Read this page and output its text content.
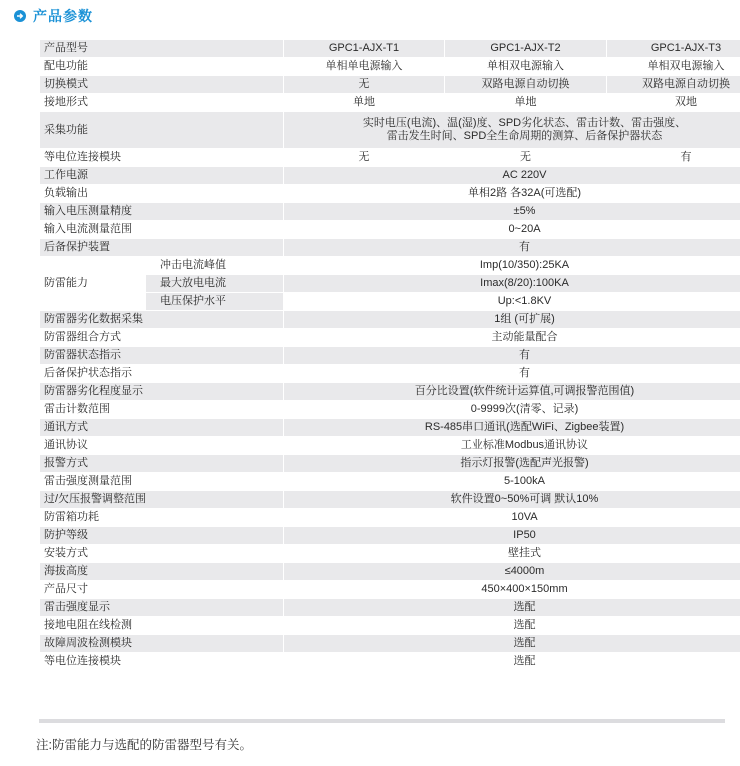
产品参数
产品型号		GPC1-AJX-T1	GPC1-AJX-T2	GPC1-AJX-T3
配电功能		单相单电源输入	单相双电源输入	单相双电源输入
切换模式		无	双路电源自动切换	双路电源自动切换
接地形式		单地	单地	双地
采集功能		实时电压(电流)、温(湿)度、SPD劣化状态、雷击计数、雷击强度、
雷击发生时间、SPD全生命周期的测算、后备保护器状态		

等电位连接模块		无	无	有
工作电源		AC 220V		
负载输出		单相2路 各32A(可选配)		
输入电压测量精度		±5%		
输入电流测量范围		0~20A		
后备保护装置		有		
防雷能力	冲击电流峰值	Imp(10/350):25KA		
	最大放电电流	Imax(8/20):100KA		
	电压保护水平	Up:<1.8KV		
防雷器劣化数据采集		1组 (可扩展)		
防雷器组合方式		主动能量配合		
防雷器状态指示		有		
后备保护状态指示		有		
防雷器劣化程度显示		百分比设置(软件统计运算值,可调报警范围值)		
雷击计数范围		0-9999次(清零、记录)		
通讯方式		RS-485串口通讯(选配WiFi、Zigbee装置)		
通讯协议		工业标准Modbus通讯协议		
报警方式		指示灯报警(选配声光报警)		
雷击强度测量范围		5-100kA		
过/欠压报警调整范围		软件设置0~50%可调 默认10%		
防雷箱功耗		10VA		
防护等级		IP50		
安装方式		壁挂式		
海拔高度		≤4000m		
产品尺寸		450×400×150mm		
雷击强度显示		选配		
接地电阻在线检测		选配		
故障周波检测模块		选配		
等电位连接模块		选配		
注:防雷能力与选配的防雷器型号有关。
